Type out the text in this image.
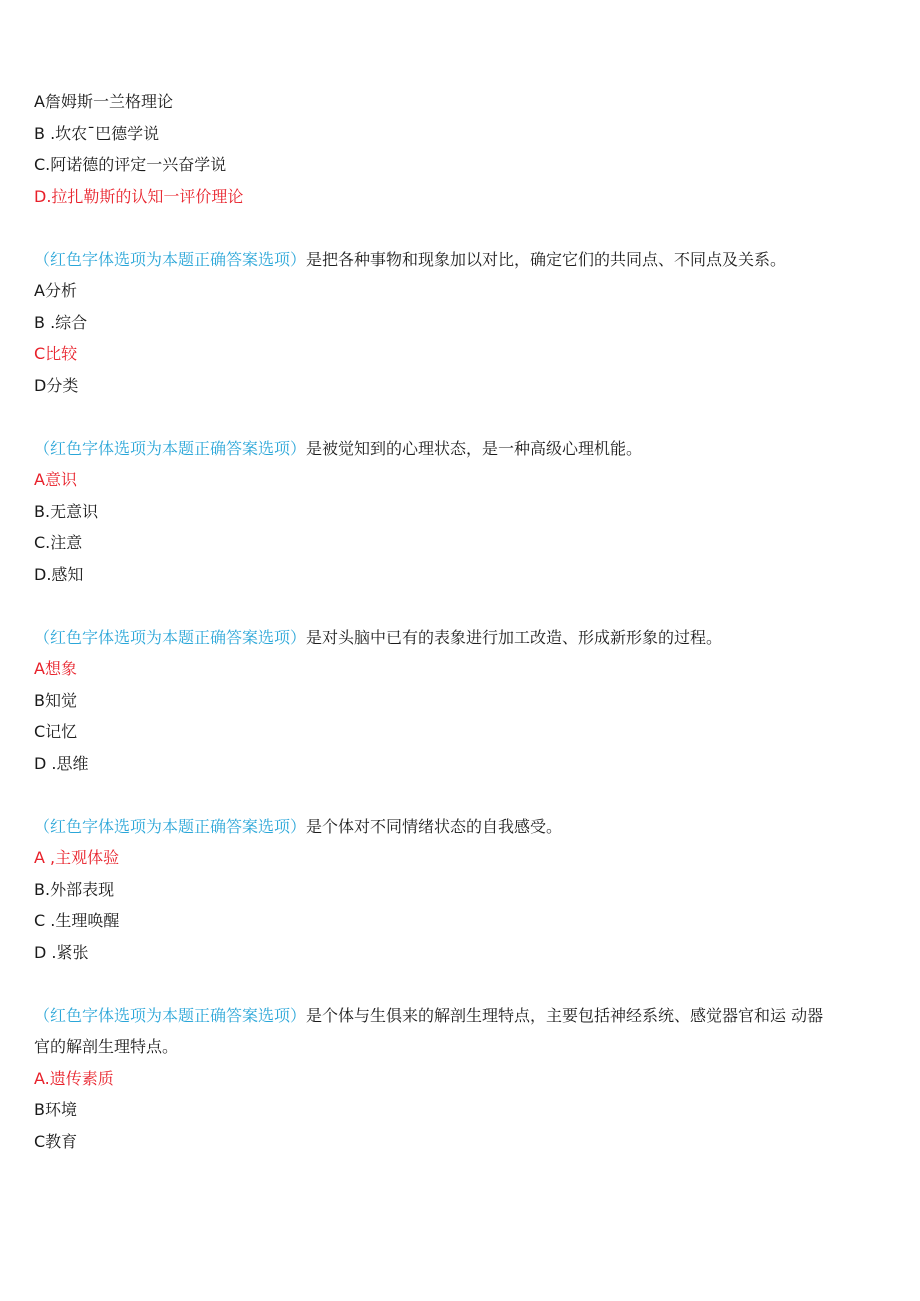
A詹姆斯一兰格理论

B .坎农¯巴德学说

C.阿诺德的评定一兴奋学说

D.拉扎勒斯的认知一评价理论

（红色字体选项为本题正确答案选项）是把各种事物和现象加以对比，确定它们的共同点、不同点及关系。

A分析

B .综合

C比较

D分类

（红色字体选项为本题正确答案选项）是被觉知到的心理状态，是一种高级心理机能。

A意识

B.无意识

C.注意

D.感知

（红色字体选项为本题正确答案选项）是对头脑中已有的表象进行加工改造、形成新形象的过程。

A想象

B知觉

C记忆

D .思维

（红色字体选项为本题正确答案选项）是个体对不同情绪状态的自我感受。

A ,主观体验

B.外部表现

C .生理唤醒

D .紧张

（红色字体选项为本题正确答案选项）是个体与生俱来的解剖生理特点，主要包括神经系统、感觉器官和运 动器
官的解剖生理特点。

A.遗传素质

B环境

C教育
